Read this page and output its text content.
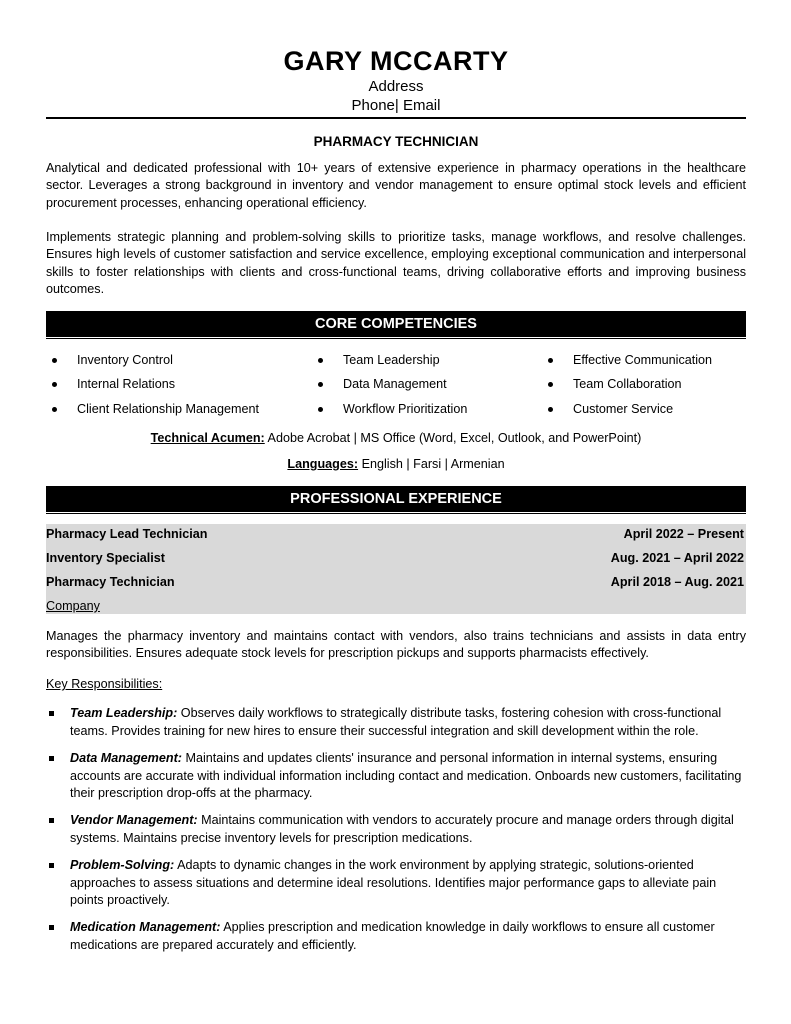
GARY MCCARTY
Address
Phone| Email
PHARMACY TECHNICIAN
Analytical and dedicated professional with 10+ years of extensive experience in pharmacy operations in the healthcare sector. Leverages a strong background in inventory and vendor management to ensure optimal stock levels and efficient procurement processes, enhancing operational efficiency.
Implements strategic planning and problem-solving skills to prioritize tasks, manage workflows, and resolve challenges. Ensures high levels of customer satisfaction and service excellence, employing exceptional communication and interpersonal skills to foster relationships with clients and cross-functional teams, driving collaborative efforts and improving business outcomes.
CORE COMPETENCIES
Inventory Control
Internal Relations
Client Relationship Management
Team Leadership
Data Management
Workflow Prioritization
Effective Communication
Team Collaboration
Customer Service
Technical Acumen: Adobe Acrobat | MS Office (Word, Excel, Outlook, and PowerPoint)
Languages: English | Farsi | Armenian
PROFESSIONAL EXPERIENCE
Pharmacy Lead Technician	April 2022 – Present
Inventory Specialist	Aug. 2021 – April 2022
Pharmacy Technician	April 2018 – Aug. 2021
Company
Manages the pharmacy inventory and maintains contact with vendors, also trains technicians and assists in data entry responsibilities. Ensures adequate stock levels for prescription pickups and supports pharmacists effectively.
Key Responsibilities:
Team Leadership: Observes daily workflows to strategically distribute tasks, fostering cohesion with cross-functional teams. Provides training for new hires to ensure their successful integration and skill development within the role.
Data Management: Maintains and updates clients' insurance and personal information in internal systems, ensuring accounts are accurate with individual information including contact and medication. Onboards new customers, facilitating their prescription drop-offs at the pharmacy.
Vendor Management: Maintains communication with vendors to accurately procure and manage orders through digital systems. Maintains precise inventory levels for prescription medications.
Problem-Solving: Adapts to dynamic changes in the work environment by applying strategic, solutions-oriented approaches to assess situations and determine ideal resolutions. Identifies major performance gaps to alleviate pain points proactively.
Medication Management: Applies prescription and medication knowledge in daily workflows to ensure all customer medications are prepared accurately and efficiently.
